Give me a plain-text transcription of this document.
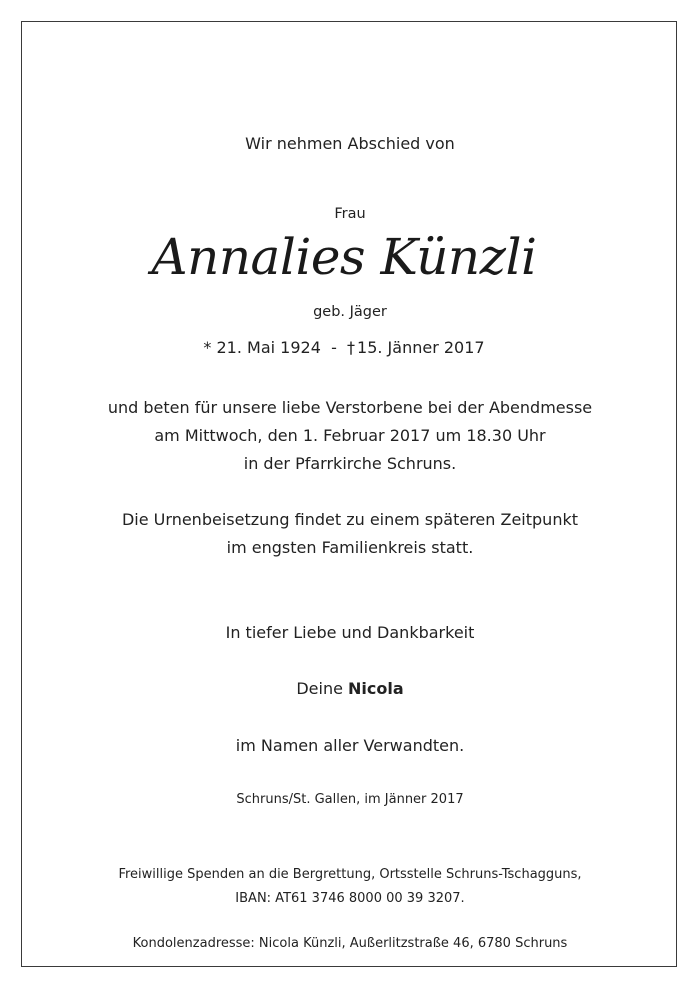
Wir nehmen Abschied von
Frau
Annalies Künzli
geb. Jäger
* 21. Mai 1924 - † 15. Jänner 2017
und beten für unsere liebe Verstorbene bei der Abendmesse
am Mittwoch, den 1. Februar 2017 um 18.30 Uhr
in der Pfarrkirche Schruns.
Die Urnenbeisetzung findet zu einem späteren Zeitpunkt
im engsten Familienkreis statt.
In tiefer Liebe und Dankbarkeit
Deine Nicola
im Namen aller Verwandten.
Schruns/St. Gallen, im Jänner 2017
Freiwillige Spenden an die Bergrettung, Ortsstelle Schruns-Tschagguns,
IBAN: AT61 3746 8000 00 39 3207.
Kondolenzadresse: Nicola Künzli, Außerlitzstraße 46, 6780 Schruns
